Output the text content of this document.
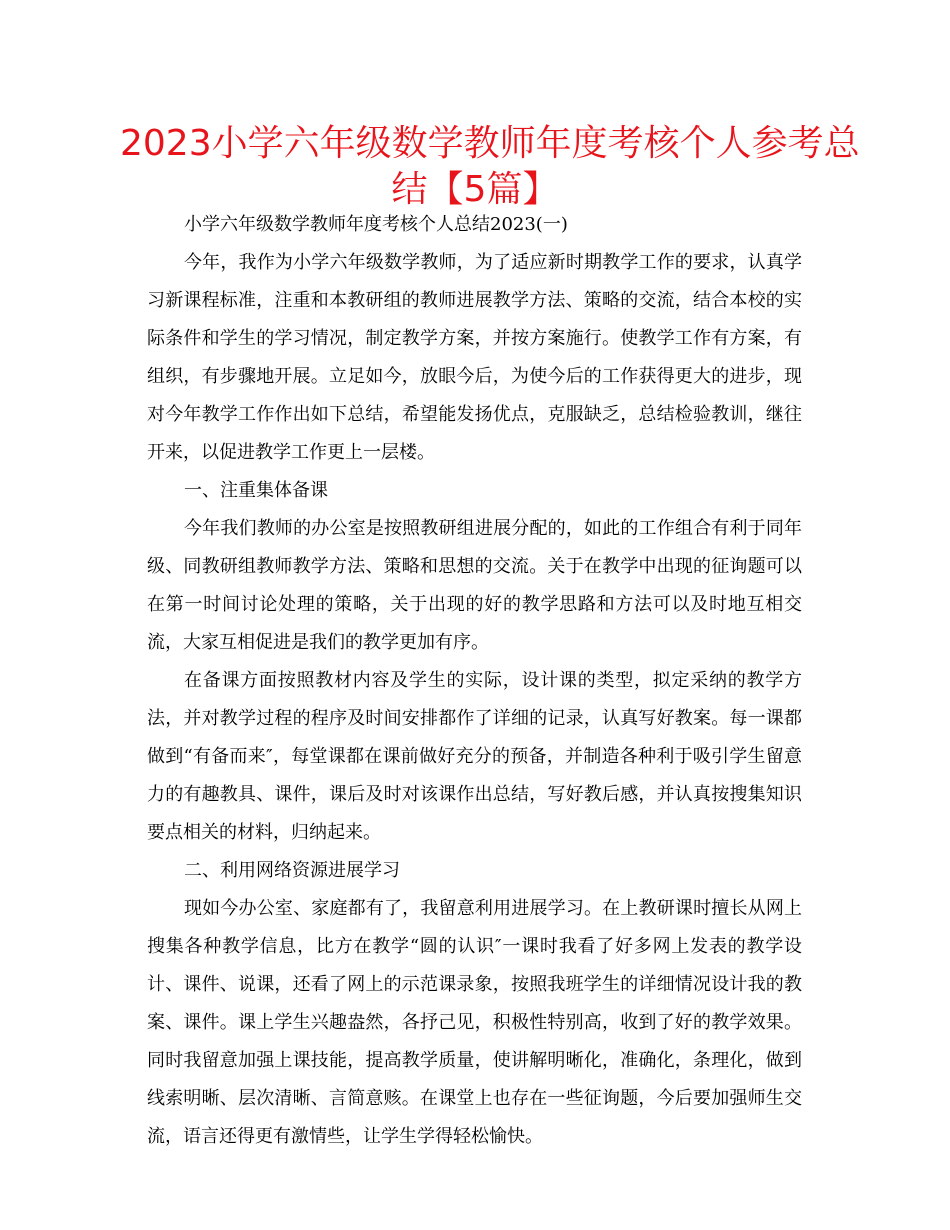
2023小学六年级数学教师年度考核个人参考总
结【5篇】

小学六年级数学教师年度考核个人总结2023(一)

今年，我作为小学六年级数学教师，为了适应新时期教学工作的要求，认真学习新课程标准，注重和本教研组的教师进展教学方法、策略的交流，结合本校的实际条件和学生的学习情况，制定教学方案，并按方案施行。使教学工作有方案，有组织，有步骤地开展。立足如今，放眼今后，为使今后的工作获得更大的进步，现对今年教学工作作出如下总结，希望能发扬优点，克服缺乏，总结检验教训，继往开来，以促进教学工作更上一层楼。

一、注重集体备课

今年我们教师的办公室是按照教研组进展分配的，如此的工作组合有利于同年级、同教研组教师教学方法、策略和思想的交流。关于在教学中出现的征询题可以在第一时间讨论处理的策略，关于出现的好的教学思路和方法可以及时地互相交流，大家互相促进是我们的教学更加有序。

在备课方面按照教材内容及学生的实际，设计课的类型，拟定采纳的教学方法，并对教学过程的程序及时间安排都作了详细的记录，认真写好教案。每一课都做到“有备而来″，每堂课都在课前做好充分的预备，并制造各种利于吸引学生留意力的有趣教具、课件，课后及时对该课作出总结，写好教后感，并认真按搜集知识要点相关的材料，归纳起来。

二、利用网络资源进展学习

现如今办公室、家庭都有了，我留意利用进展学习。在上教研课时擅长从网上搜集各种教学信息，比方在教学“圆的认识″一课时我看了好多网上发表的教学设计、课件、说课，还看了网上的示范课录象，按照我班学生的详细情况设计我的教案、课件。课上学生兴趣盎然，各抒己见，积极性特别高，收到了好的教学效果。同时我留意加强上课技能，提高教学质量，使讲解明晰化，准确化，条理化，做到线索明晰、层次清晰、言简意赅。在课堂上也存在一些征询题，今后要加强师生交流，语言还得更有激情些，让学生学得轻松愉快。
